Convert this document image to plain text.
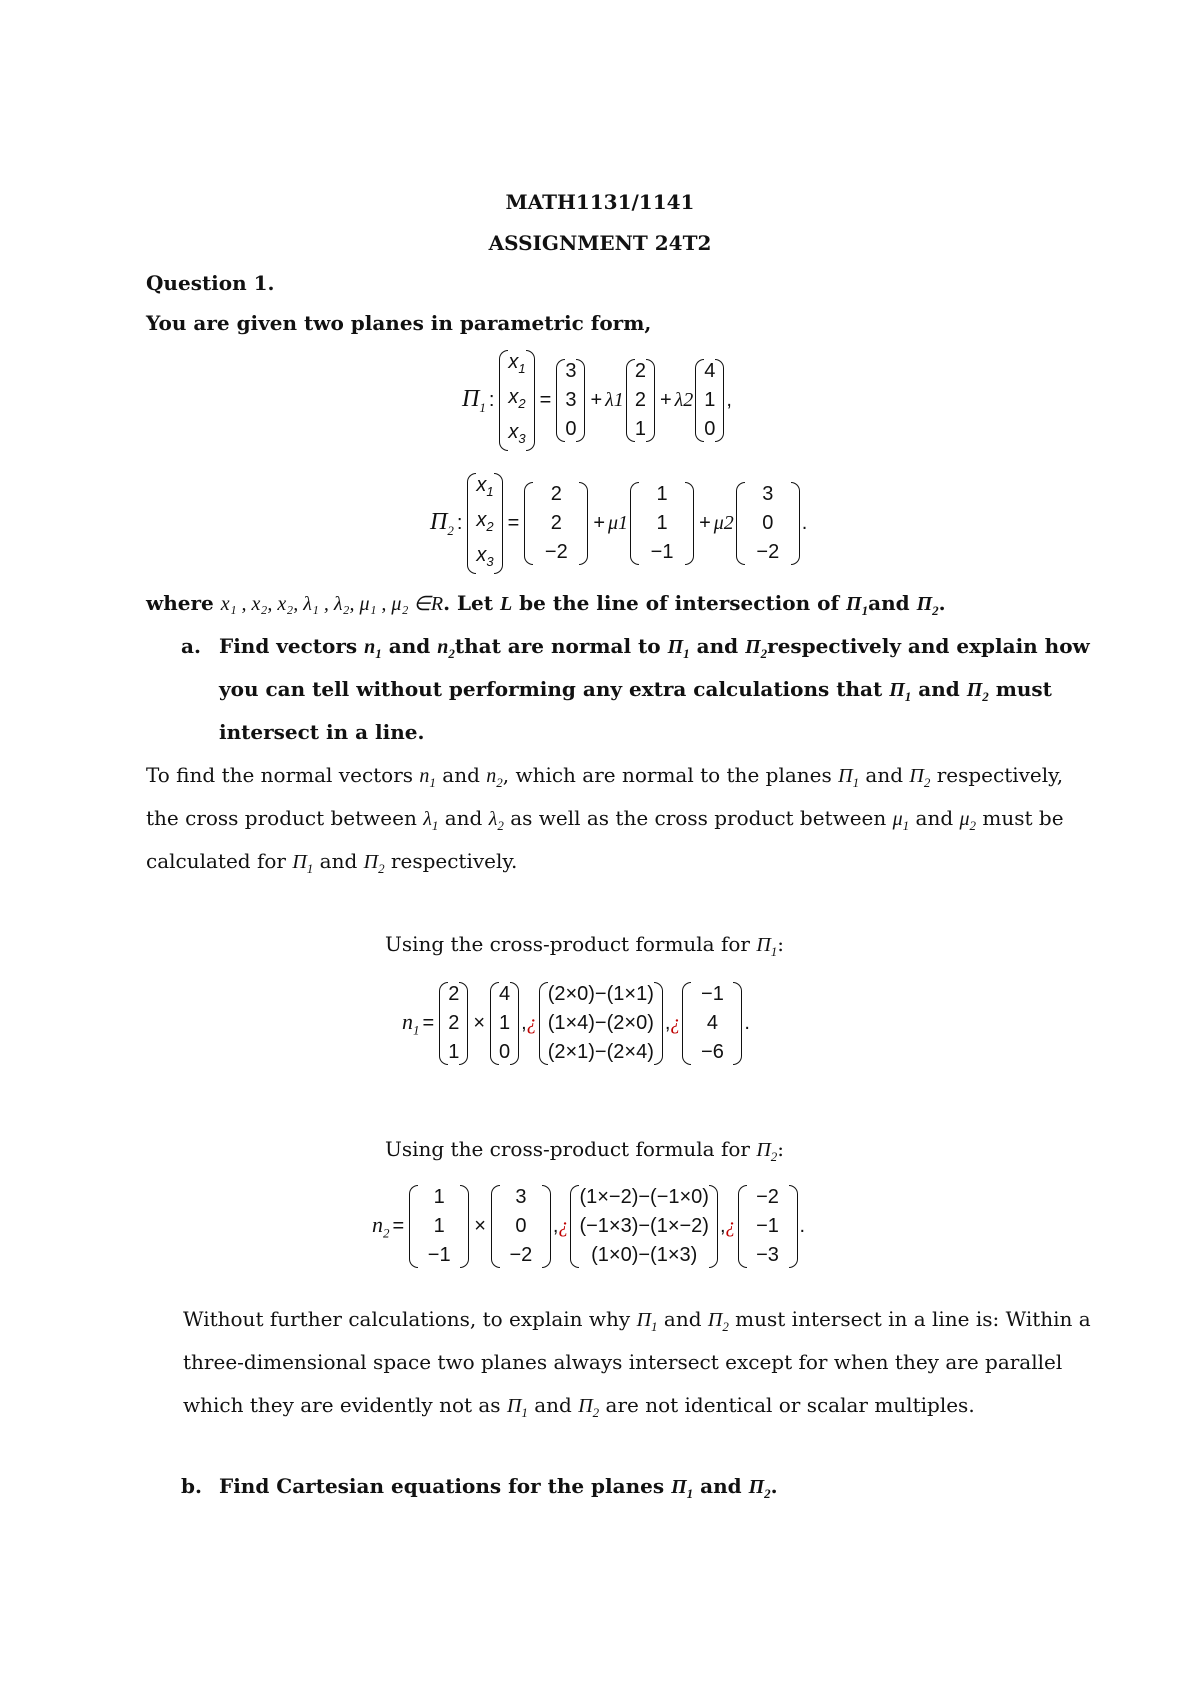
MATH1131/1141
ASSIGNMENT 24T2
Question 1.
You are given two planes in parametric form,
$\Pi_1$ :
$x_1$
$x_2$
$x_3$
=
3
3
0
+ λ1
2
2
1
+ λ2
4
1
0
,
$\Pi_2$ :
$x_1$
$x_2$
$x_3$
=
2
2
−2
+ μ1
1
1
−1
+ μ2
3
0
−2
.
where x₁ , x₂, x₂, λ₁ , λ₂, μ₁ , μ₂ ∈R. Let L be the line of intersection of $\Pi_1and$ $\Pi_2$.
a. Find vectors $n_1$ and $n_2that$ are normal to $\Pi_1$ and $\Pi_2respectively$ and explain how
you can tell without performing any extra calculations that $\Pi_1$ and $\Pi_2$ must
intersect in a line.
To find the normal vectors $n_1$ and $n_2$, which are normal to the planes $\Pi_1$ and $\Pi_2$ respectively,
the cross product between $\lambda_1$ and $\lambda_2$ as well as the cross product between $\mu_1$ and $\mu_2$ must be
calculated for $\Pi_1$ and $\Pi_2$ respectively.
Using the cross-product formula for $\Pi_1$:
$n_1$ =
2
2
1
×
4
1
0
, ¿
(2×0)−(1×1)
(1×4)−(2×0)
(2×1)−(2×4)
, ¿
−1
4
−6
.
Using the cross-product formula for $\Pi_2$:
$n_2$ =
1
1
−1
×
3
0
−2
, ¿
(1×−2)−(−1×0)
(−1×3)−(1×−2)
(1×0)−(1×3)
, ¿
−2
−1
−3
.
Without further calculations, to explain why $\Pi_1$ and $\Pi_2$ must intersect in a line is: Within a
three-dimensional space two planes always intersect except for when they are parallel
which they are evidently not as $\Pi_1$ and $\Pi_2$ are not identical or scalar multiples.
b. Find Cartesian equations for the planes $\Pi_1$ and $\Pi_2$.
